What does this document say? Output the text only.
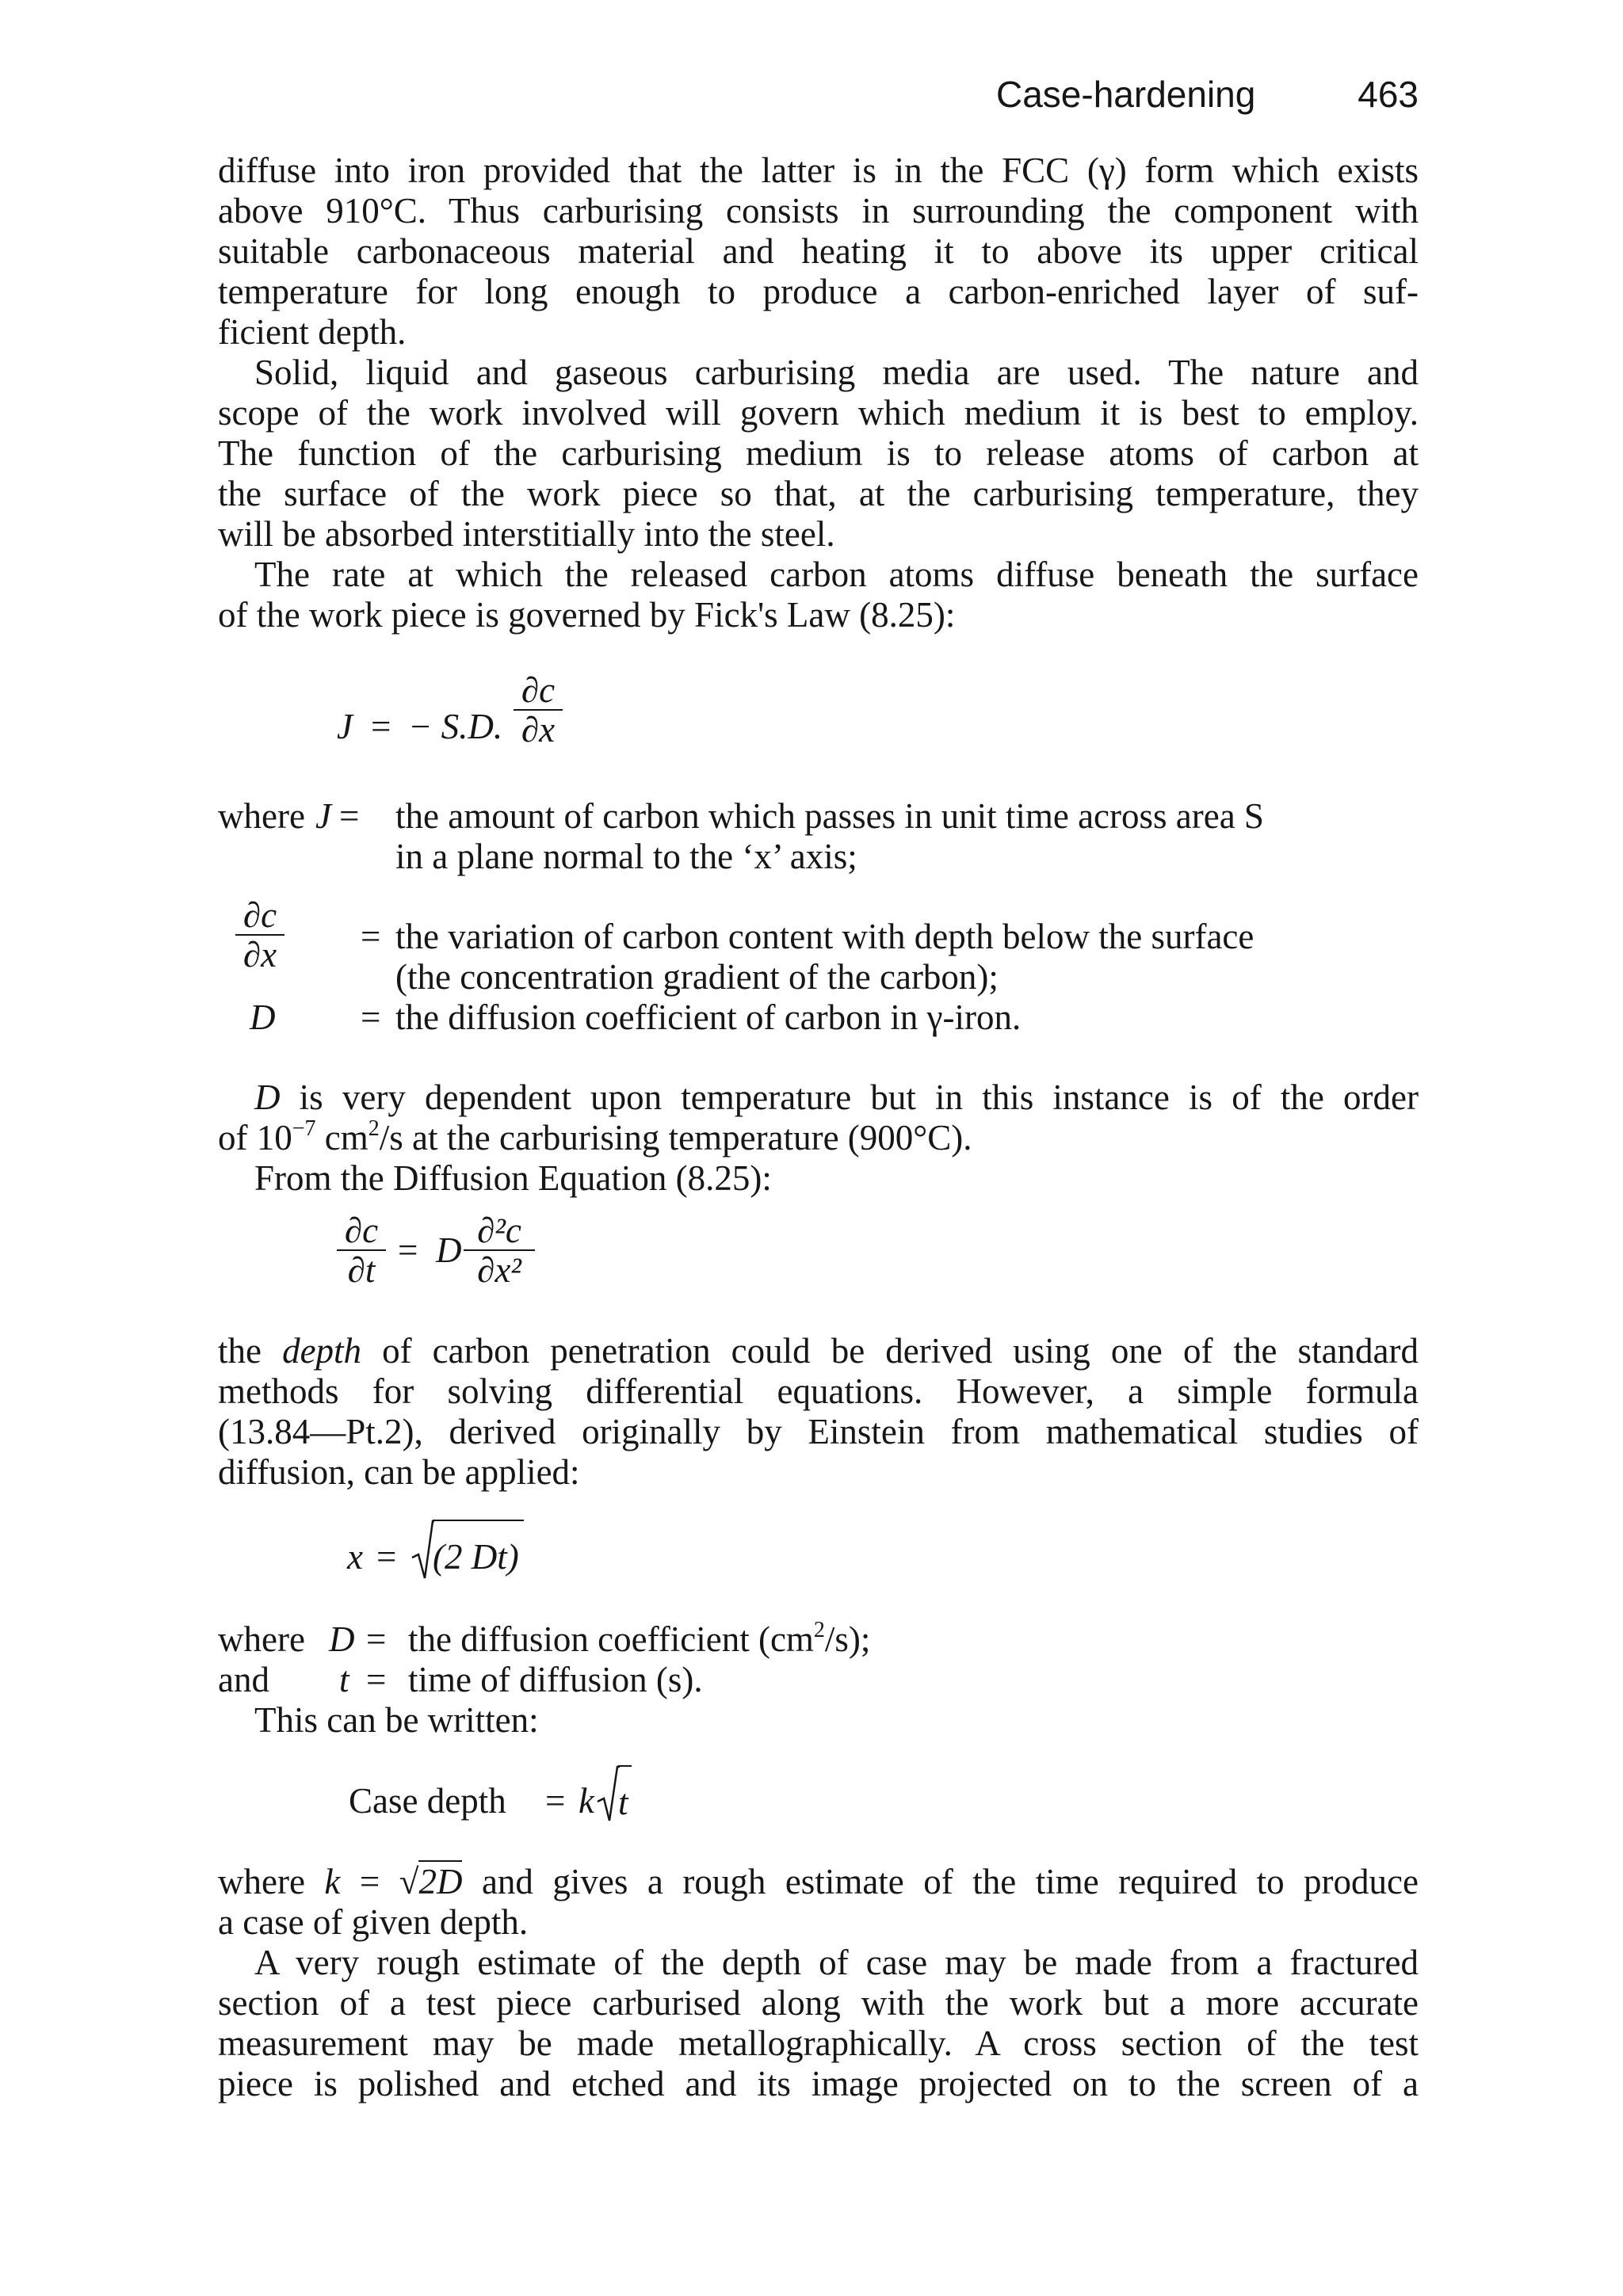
Case-hardening	463

diffuse into iron provided that the latter is in the FCC (γ) form which exists
above 910°C. Thus carburising consists in surrounding the component with
suitable carbonaceous material and heating it to above its upper critical
temperature for long enough to produce a carbon-enriched layer of suf-
ficient depth.

Solid, liquid and gaseous carburising media are used. The nature and
scope of the work involved will govern which medium it is best to employ.
The function of the carburising medium is to release atoms of carbon at
the surface of the work piece so that, at the carburising temperature, they
will be absorbed interstitially into the steel.

The rate at which the released carbon atoms diffuse beneath the surface
of the work piece is governed by Fick's Law (8.25):

J = − S.D.
∂c
∂x
where J = the amount of carbon which passes in unit time across area S
in a plane normal to the ‘x’ axis;
∂c
∂x = the variation of carbon content with depth below the surface
(the concentration gradient of the carbon);
D = the diffusion coefficient of carbon in γ-iron.

D is very dependent upon temperature but in this instance is of the order
of $10^{-7}$ $cm^2/s$ at the carburising temperature (900°C).

From the Diffusion Equation (8.25):

∂c
∂t = D ∂²c
∂x²

the depth of carbon penetration could be derived using one of the standard
methods for solving differential equations. However, a simple formula
(13.84—Pt.2), derived originally by Einstein from mathematical studies of
diffusion, can be applied:

x = (2 Dt)
where D = the diffusion coefficient $(cm^2/s)$;
and t = time of diffusion (s).

This can be written:

Case depth = k t

where k = √2D and gives a rough estimate of the time required to produce
a case of given depth.

A very rough estimate of the depth of case may be made from a fractured
section of a test piece carburised along with the work but a more accurate
measurement may be made metallographically. A cross section of the test
piece is polished and etched and its image projected on to the screen of a
